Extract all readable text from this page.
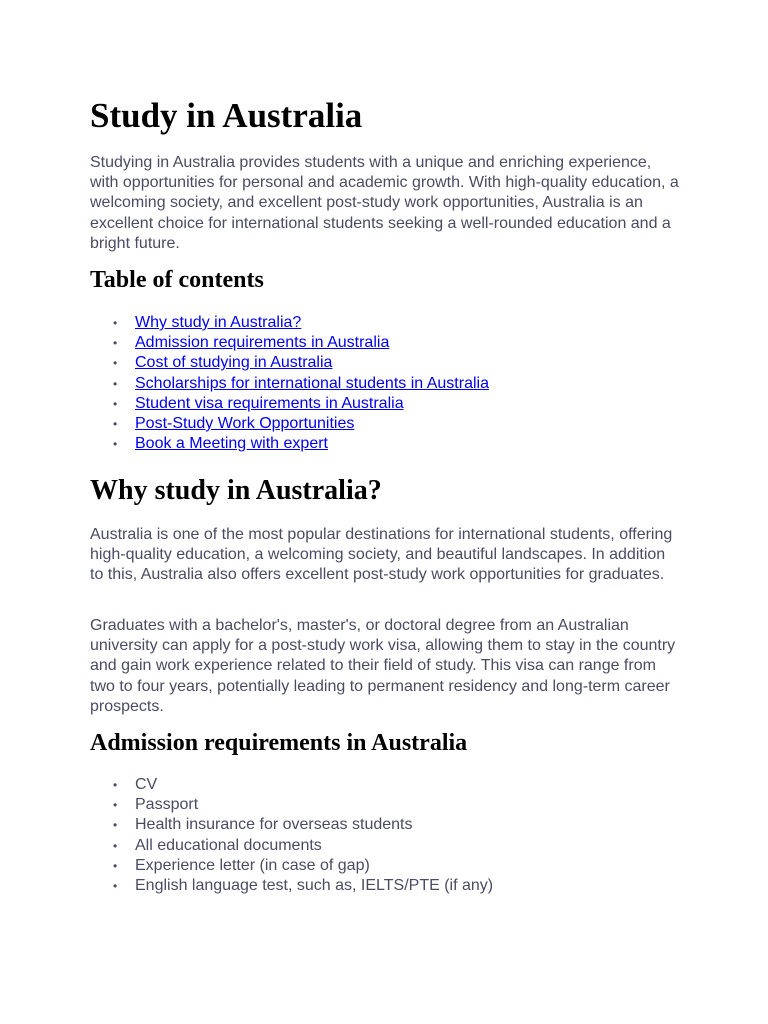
Study in Australia

Studying in Australia provides students with a unique and enriching experience, with opportunities for personal and academic growth. With high-quality education, a welcoming society, and excellent post-study work opportunities, Australia is an excellent choice for international students seeking a well-rounded education and a bright future.

Table of contents
• Why study in Australia?
• Admission requirements in Australia
• Cost of studying in Australia
• Scholarships for international students in Australia
• Student visa requirements in Australia
• Post-Study Work Opportunities
• Book a Meeting with expert
Why study in Australia?

Australia is one of the most popular destinations for international students, offering high-quality education, a welcoming society, and beautiful landscapes. In addition to this, Australia also offers excellent post-study work opportunities for graduates.

Graduates with a bachelor's, master's, or doctoral degree from an Australian university can apply for a post-study work visa, allowing them to stay in the country and gain work experience related to their field of study. This visa can range from two to four years, potentially leading to permanent residency and long-term career prospects.

Admission requirements in Australia
• CV
• Passport
• Health insurance for overseas students
• All educational documents
• Experience letter (in case of gap)
• English language test, such as, IELTS/PTE (if any)
